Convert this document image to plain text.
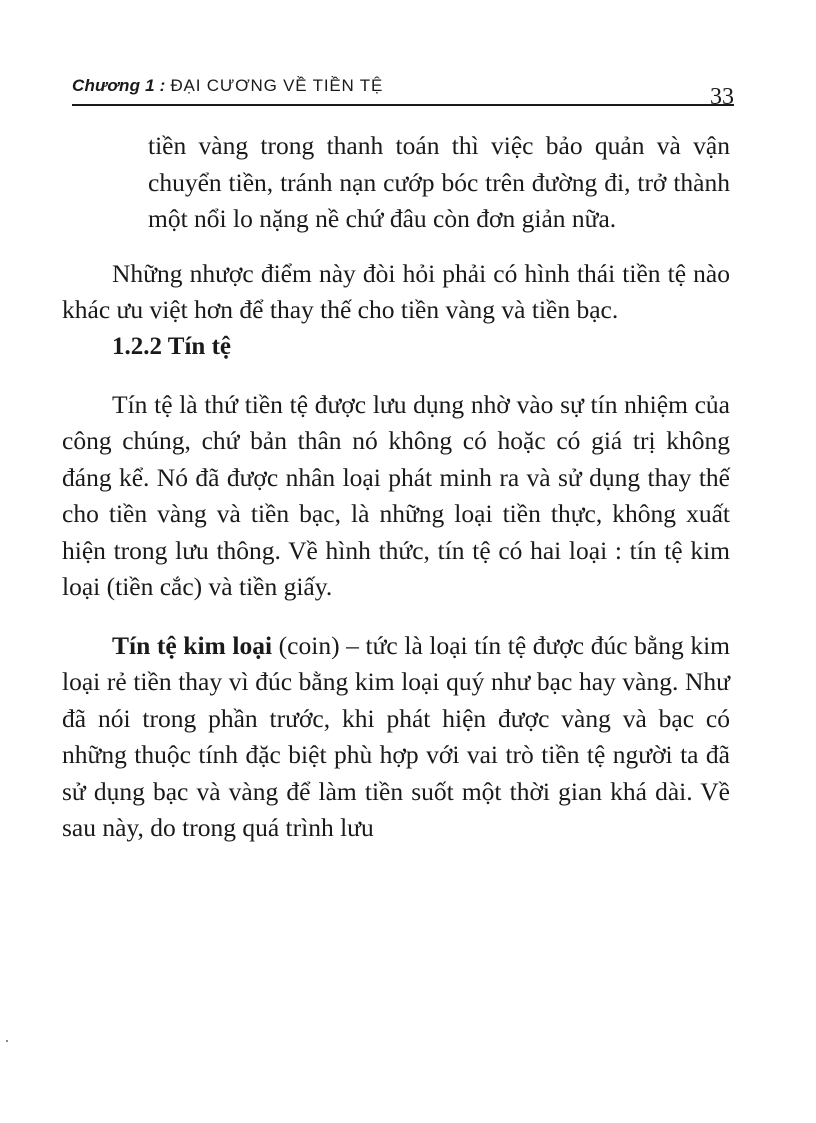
Chương 1 : ĐẠI CƯƠNG VỀ TIỀN TỆ	33

tiền vàng trong thanh toán thì việc bảo quản và vận chuyển tiền, tránh nạn cướp bóc trên đường đi, trở thành một nổi lo nặng nề chứ đâu còn đơn giản nữa.

Những nhược điểm này đòi hỏi phải có hình thái tiền tệ nào khác ưu việt hơn để thay thế cho tiền vàng và tiền bạc.

1.2.2 Tín tệ

Tín tệ là thứ tiền tệ được lưu dụng nhờ vào sự tín nhiệm của công chúng, chứ bản thân nó không có hoặc có giá trị không đáng kể. Nó đã được nhân loại phát minh ra và sử dụng thay thế cho tiền vàng và tiền bạc, là những loại tiền thực, không xuất hiện trong lưu thông. Về hình thức, tín tệ có hai loại : tín tệ kim loại (tiền cắc) và tiền giấy.

Tín tệ kim loại (coin) – tức là loại tín tệ được đúc bằng kim loại rẻ tiền thay vì đúc bằng kim loại quý như bạc hay vàng. Như đã nói trong phần trước, khi phát hiện được vàng và bạc có những thuộc tính đặc biệt phù hợp với vai trò tiền tệ người ta đã sử dụng bạc và vàng để làm tiền suốt một thời gian khá dài. Về sau này, do trong quá trình lưu
